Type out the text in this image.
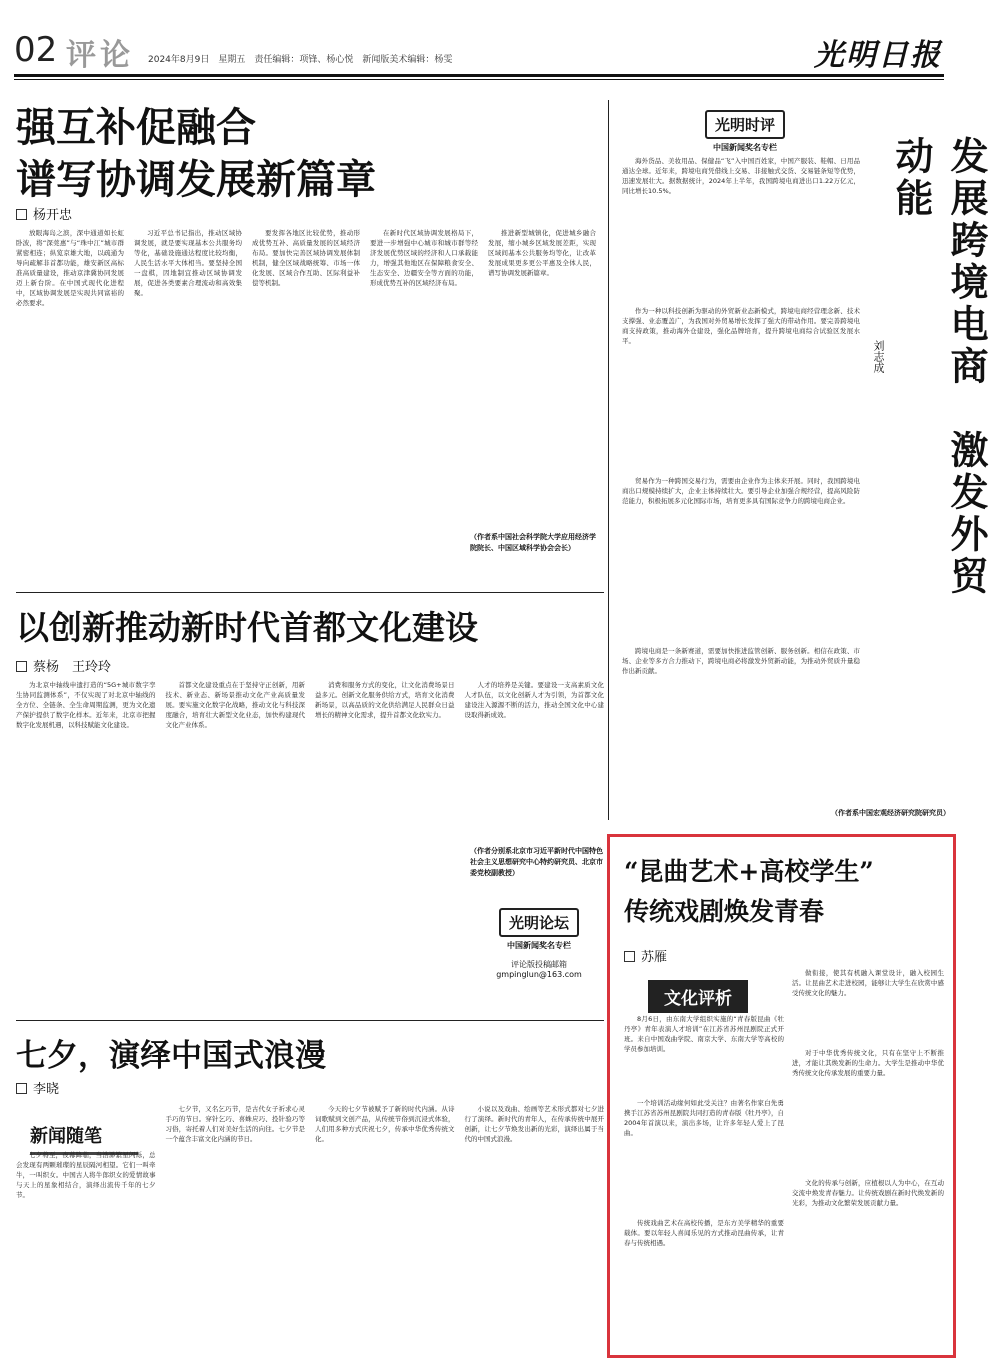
02 评论 2024年8月9日　星期五　责任编辑：项锋、杨心悦　新闻版美术编辑：杨雯	光明日报
强互补促融合
谱写协调发展新篇章
杨开忠

放眼海岛之滨，深中通道如长虹卧波，将“深莞惠”与“珠中江”城市群紧密相连；纵览京雄大地，以疏通为导向疏解非首都功能，雄安新区高标准高质量建设，推动京津冀协同发展迈上新台阶。在中国式现代化进程中，区域协调发展是实现共同富裕的必然要求。

习近平总书记指出，推动区域协调发展，就是要实现基本公共服务均等化，基础设施通达程度比较均衡，人民生活水平大体相当。要坚持全国一盘棋，因地制宜推动区域协调发展，促进各类要素合理流动和高效集聚。

要发挥各地区比较优势，推动形成优势互补、高质量发展的区域经济布局。要加快完善区域协调发展体制机制，健全区域战略统筹、市场一体化发展、区域合作互助、区际利益补偿等机制。

在新时代区域协调发展格局下，要进一步增强中心城市和城市群等经济发展优势区域的经济和人口承载能力，增强其他地区在保障粮食安全、生态安全、边疆安全等方面的功能，形成优势互补的区域经济布局。

推进新型城镇化，促进城乡融合发展，缩小城乡区域发展差距，实现区域间基本公共服务均等化，让改革发展成果更多更公平惠及全体人民，谱写协调发展新篇章。

（作者系中国社会科学院大学应用经济学院院长、中国区域科学协会会长）
光明时评
中国新闻奖名专栏	发展跨境电商　激发外贸动能
刘志成

海外货品、美妆用品、保健品“飞”入中国百姓家，中国产服装、鞋帽、日用品通达全球。近年来，跨境电商凭借线上交易、非接触式交货、交易链条短等优势，迅速发展壮大。据数据统计，2024年上半年，我国跨境电商进出口1.22万亿元，同比增长10.5%。

作为一种以科技创新为驱动的外贸新业态新模式，跨境电商经营理念新、技术支撑强、业态覆盖广，为我国对外贸易增长发挥了强大的带动作用。要完善跨境电商支持政策，推动海外仓建设，强化品牌培育，提升跨境电商综合试验区发展水平。

贸易作为一种跨国交易行为，需要由企业作为主体来开展。同时，我国跨境电商出口规模持续扩大，企业主体持续壮大。要引导企业加强合规经营，提高风险防范能力，积极拓展多元化国际市场，培育更多具有国际竞争力的跨境电商企业。

跨境电商是一条新赛道，需要加快推进监管创新、服务创新。相信在政策、市场、企业等多方合力推动下，跨境电商必将激发外贸新动能，为推动外贸质升量稳作出新贡献。

（作者系中国宏观经济研究院研究员）
以创新推动新时代首都文化建设
蔡杨　王玲玲

为北京中轴线申遗打造的“5G+城市数字孪生协同监测体系”，不仅实现了对北京中轴线的全方位、全链条、全生命周期监测，更为文化遗产保护提供了数字化样本。近年来，北京市把握数字化发展机遇，以科技赋能文化建设。

首都文化建设重点在于坚持守正创新，用新技术、新业态、新场景推动文化产业高质量发展。要实施文化数字化战略，推动文化与科技深度融合，培育壮大新型文化业态，加快构建现代文化产业体系。

消费和服务方式的变化，让文化消费场景日益多元。创新文化服务供给方式，培育文化消费新场景，以高品质的文化供给满足人民群众日益增长的精神文化需求，提升首都文化软实力。

人才的培养是关键。要建设一支高素质文化人才队伍，以文化创新人才为引领，为首都文化建设注入源源不断的活力，推动全国文化中心建设取得新成效。

（作者分别系北京市习近平新时代中国特色社会主义思想研究中心特约研究员、北京市委党校副教授）
光明论坛
中国新闻奖名专栏
评论版投稿邮箱
gmpinglun@163.com
七夕，演绎中国式浪漫
李晓
新闻随笔

七夕将至，夜幕降临，当浩渺繁星闪烁，总会发现有两颗璀璨的星辰隔河相望。它们一叫牵牛，一叫织女。中国古人将牛郎织女的爱情故事与天上的星象相结合，演绎出流传千年的七夕节。

七夕节，又名乞巧节，是古代女子祈求心灵手巧的节日。穿针乞巧、喜蛛应巧、投针验巧等习俗，寄托着人们对美好生活的向往。七夕节是一个蕴含丰富文化内涵的节日。

今天的七夕节被赋予了新的时代内涵。从诗词歌赋到文创产品，从传统节俗到沉浸式体验，人们用多种方式庆祝七夕，传承中华优秀传统文化。

小说以及戏曲、绘画等艺术形式都对七夕进行了演绎。新时代的青年人，在传承传统中展开创新，让七夕节焕发出新的光彩，演绎出属于当代的中国式浪漫。

“昆曲艺术+高校学生”
传统戏剧焕发青春
苏雁
文化评析

8月6日，由东南大学组织实施的“青春版昆曲《牡丹亭》青年表演人才培训”在江苏省苏州昆剧院正式开班。来自中国戏曲学院、南京大学、东南大学等高校的学员参加培训。

一个培训活动缘何如此受关注？由著名作家白先勇携手江苏省苏州昆剧院共同打造的青春版《牡丹亭》，自2004年首演以来，演出多场，让许多年轻人爱上了昆曲。

传统戏曲艺术在高校传播，是东方美学精华的重要载体。要以年轻人喜闻乐见的方式推动昆曲传承，让青春与传统相遇。

做衔接，使其有机融入课堂设计，融入校园生活。让昆曲艺术走进校园，能够让大学生在欣赏中感受传统文化的魅力。

对于中华优秀传统文化，只有在坚守上不断推进，才能让其焕发新的生命力。大学生是推动中华优秀传统文化传承发展的重要力量。

文化的传承与创新，应植根以人为中心，在互动交流中焕发青春魅力。让传统戏剧在新时代焕发新的光彩，为推动文化繁荣发展贡献力量。
